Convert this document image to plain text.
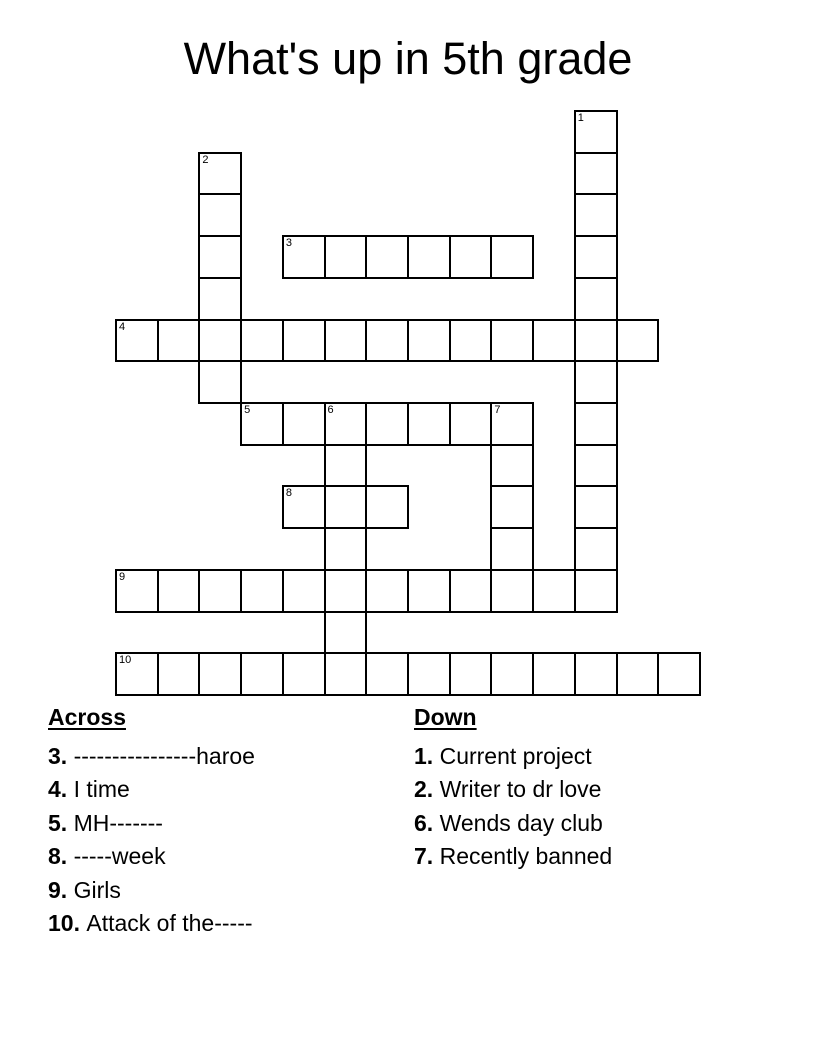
What's up in 5th grade
3
4
5	6	7
8
9
10
1
2
Across
3. ----------------haroe
4. I time
5. MH-------
8. -----week
9. Girls
10. Attack of the-----
Down
1. Current project
2. Writer to dr love
6. Wends day club
7. Recently banned
